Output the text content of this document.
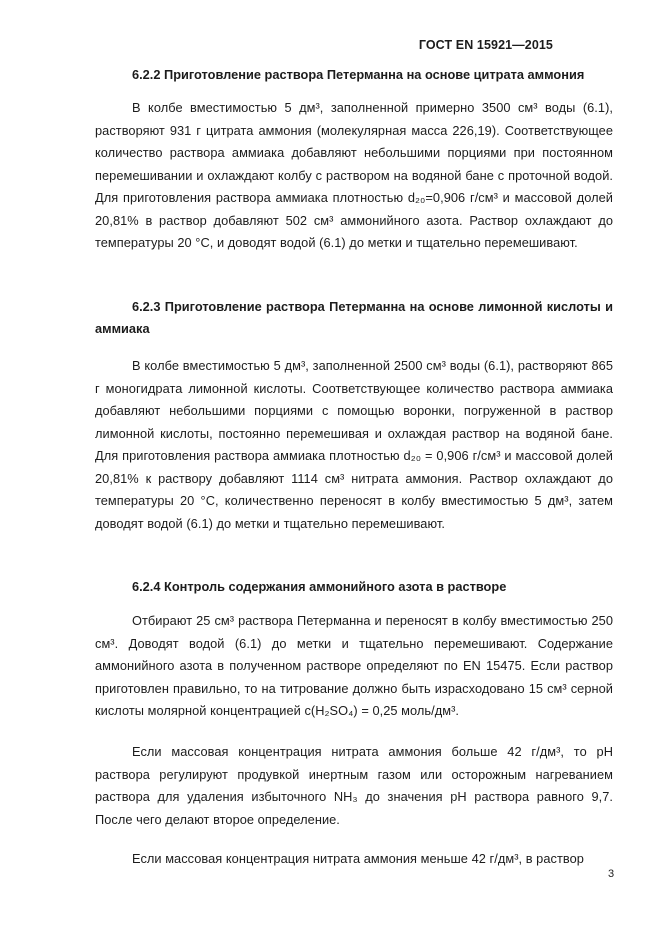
ГОСТ EN 15921—2015
6.2.2 Приготовление раствора Петерманна на основе цитрата аммония
В колбе вместимостью 5 дм³, заполненной примерно 3500 см³ воды (6.1), растворяют 931 г цитрата аммония (молекулярная масса 226,19). Соответствующее количество раствора аммиака добавляют небольшими порциями при постоянном перемешивании и охлаждают колбу с раствором на водяной бане с проточной водой. Для приготовления раствора аммиака плотностью d₂₀=0,906 г/см³ и массовой долей 20,81% в раствор добавляют 502 см³ аммонийного азота. Раствор охлаждают до температуры 20 °С, и доводят водой (6.1) до метки и тщательно перемешивают.
6.2.3 Приготовление раствора Петерманна на основе лимонной кислоты и аммиака
В колбе вместимостью 5 дм³, заполненной 2500 см³ воды (6.1), растворяют 865 г моногидрата лимонной кислоты. Соответствующее количество раствора аммиака добавляют небольшими порциями с помощью воронки, погруженной в раствор лимонной кислоты, постоянно перемешивая и охлаждая раствор на водяной бане. Для приготовления раствора аммиака плотностью d₂₀ = 0,906 г/см³ и массовой долей 20,81% к раствору добавляют 1114 см³ нитрата аммония. Раствор охлаждают до температуры 20 °С, количественно переносят в колбу вместимостью 5 дм³, затем доводят водой (6.1) до метки и тщательно перемешивают.
6.2.4 Контроль содержания аммонийного азота в растворе
Отбирают 25 см³ раствора Петерманна и переносят в колбу вместимостью 250 см³. Доводят водой (6.1) до метки и тщательно перемешивают. Содержание аммонийного азота в полученном растворе определяют по EN 15475. Если раствор приготовлен правильно, то на титрование должно быть израсходовано 15 см³ серной кислоты молярной концентрацией c(H₂SO₄) = 0,25 моль/дм³.
Если массовая концентрация нитрата аммония больше 42 г/дм³, то pH раствора регулируют продувкой инертным газом или осторожным нагреванием раствора для удаления избыточного NH₃ до значения pH раствора равного 9,7. После чего делают второе определение.
Если массовая концентрация нитрата аммония меньше 42 г/дм³, в раствор
3
